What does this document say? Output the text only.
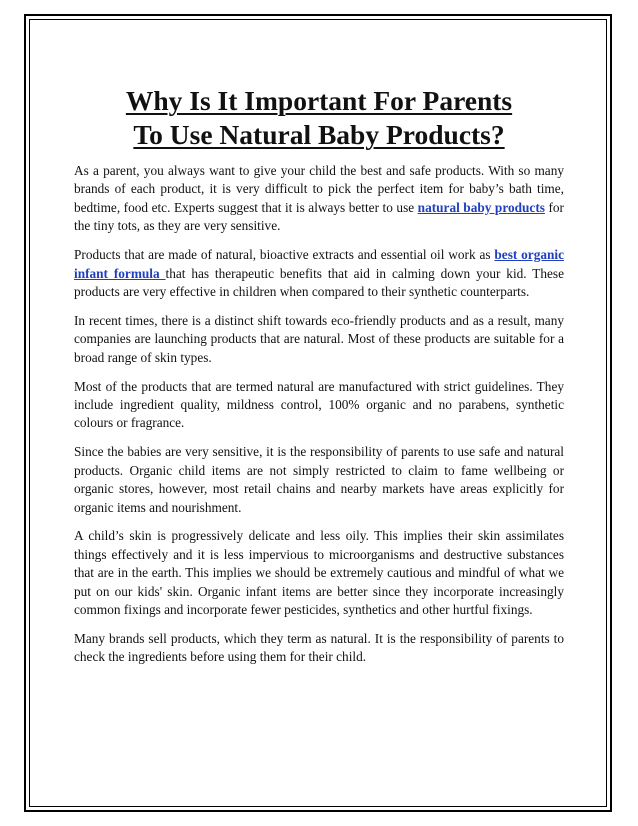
Why Is It Important For Parents
To Use Natural Baby Products?

As a parent, you always want to give your child the best and safe products. With so many brands of each product, it is very difficult to pick the perfect item for baby’s bath time, bedtime, food etc. Experts suggest that it is always better to use natural baby products for the tiny tots, as they are very sensitive.

Products that are made of natural, bioactive extracts and essential oil work as best organic infant formula that has therapeutic benefits that aid in calming down your kid. These products are very effective in children when compared to their synthetic counterparts.

In recent times, there is a distinct shift towards eco-friendly products and as a result, many companies are launching products that are natural. Most of these products are suitable for a broad range of skin types.

Most of the products that are termed natural are manufactured with strict guidelines. They include ingredient quality, mildness control, 100% organic and no parabens, synthetic colours or fragrance.

Since the babies are very sensitive, it is the responsibility of parents to use safe and natural products. Organic child items are not simply restricted to claim to fame wellbeing or organic stores, however, most retail chains and nearby markets have areas explicitly for organic items and nourishment.

A child’s skin is progressively delicate and less oily. This implies their skin assimilates things effectively and it is less impervious to microorganisms and destructive substances that are in the earth. This implies we should be extremely cautious and mindful of what we put on our kids' skin. Organic infant items are better since they incorporate increasingly common fixings and incorporate fewer pesticides, synthetics and other hurtful fixings.

Many brands sell products, which they term as natural. It is the responsibility of parents to check the ingredients before using them for their child.
